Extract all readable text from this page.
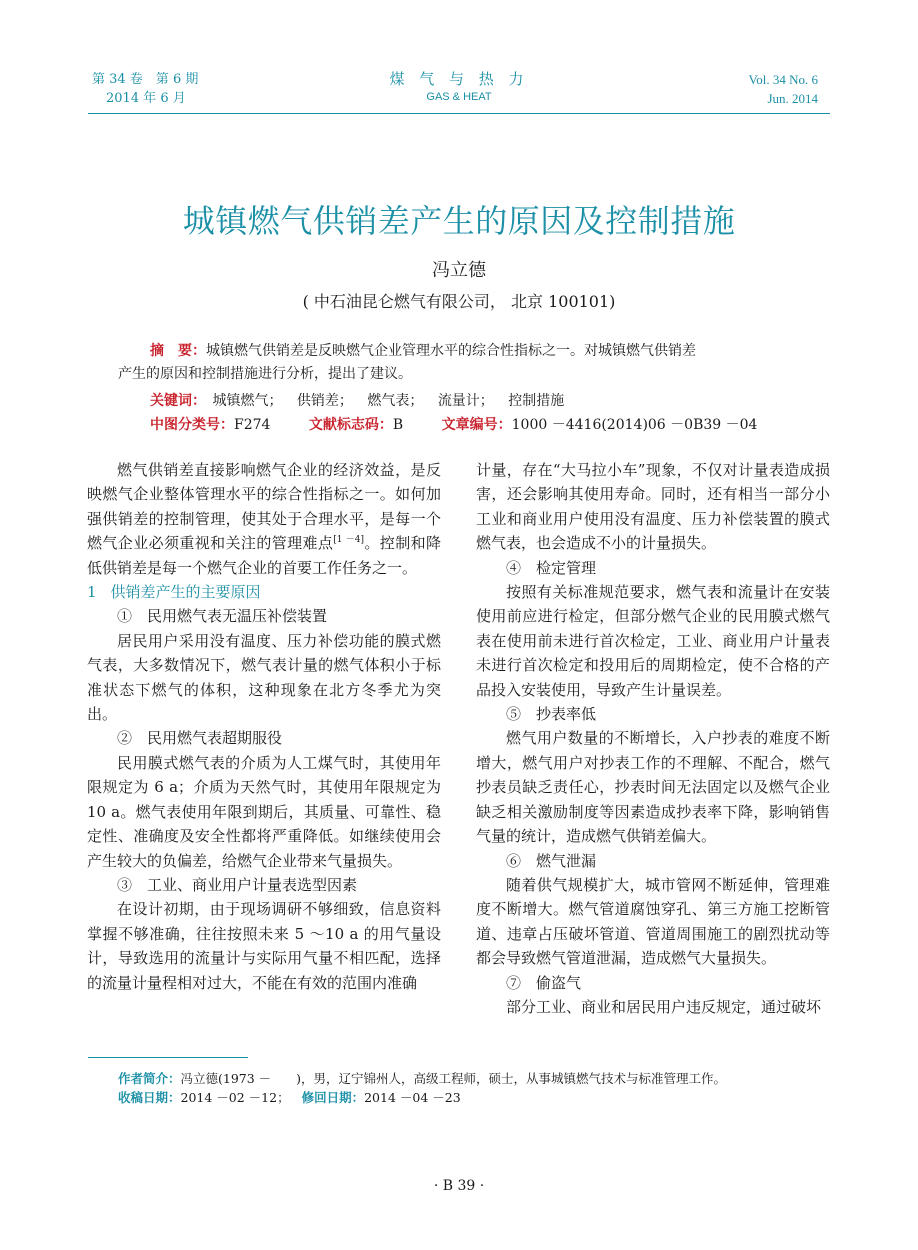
第 34 卷　第 6 期
2014 年 6 月
煤 气 与 热 力
GAS & HEAT
Vol. 34 No. 6
Jun. 2014
城镇燃气供销差产生的原因及控制措施
冯立德
( 中石油昆仑燃气有限公司， 北京 100101)
摘　要：城镇燃气供销差是反映燃气企业管理水平的综合性指标之一。对城镇燃气供销差
产生的原因和控制措施进行分析，提出了建议。
关键词： 城镇燃气； 供销差； 燃气表； 流量计； 控制措施
中图分类号：F274	文献标志码：B	文章编号：1000 －4416(2014)06 －0B39 －04

燃气供销差直接影响燃气企业的经济效益，是反映燃气企业整体管理水平的综合性指标之一。如何加强供销差的控制管理，使其处于合理水平，是每一个燃气企业必须重视和关注的管理难点[1 －4]。控制和降低供销差是每一个燃气企业的首要工作任务之一。

1 供销差产生的主要原因

①　民用燃气表无温压补偿装置

居民用户采用没有温度、压力补偿功能的膜式燃气表，大多数情况下，燃气表计量的燃气体积小于标准状态下燃气的体积，这种现象在北方冬季尤为突出。

②　民用燃气表超期服役

民用膜式燃气表的介质为人工煤气时，其使用年限规定为 6 a；介质为天然气时，其使用年限规定为 10 a。燃气表使用年限到期后，其质量、可靠性、稳定性、准确度及安全性都将严重降低。如继续使用会产生较大的负偏差，给燃气企业带来气量损失。

③　工业、商业用户计量表选型因素

在设计初期，由于现场调研不够细致，信息资料掌握不够准确，往往按照未来 5 ～10 a 的用气量设计，导致选用的流量计与实际用气量不相匹配，选择的流量计量程相对过大，不能在有效的范围内准确

计量，存在“大马拉小车”现象，不仅对计量表造成损害，还会影响其使用寿命。同时，还有相当一部分小工业和商业用户使用没有温度、压力补偿装置的膜式燃气表，也会造成不小的计量损失。

④　检定管理

按照有关标准规范要求，燃气表和流量计在安装使用前应进行检定，但部分燃气企业的民用膜式燃气表在使用前未进行首次检定，工业、商业用户计量表未进行首次检定和投用后的周期检定，使不合格的产品投入安装使用，导致产生计量误差。

⑤　抄表率低

燃气用户数量的不断增长，入户抄表的难度不断增大，燃气用户对抄表工作的不理解、不配合，燃气抄表员缺乏责任心，抄表时间无法固定以及燃气企业缺乏相关激励制度等因素造成抄表率下降，影响销售气量的统计，造成燃气供销差偏大。

⑥　燃气泄漏

随着供气规模扩大，城市管网不断延伸，管理难度不断增大。燃气管道腐蚀穿孔、第三方施工挖断管道、违章占压破坏管道、管道周围施工的剧烈扰动等都会导致燃气管道泄漏，造成燃气大量损失。

⑦　偷盗气

部分工业、商业和居民用户违反规定，通过破坏

作者简介：冯立德(1973 －　　)，男，辽宁锦州人，高级工程师，硕士，从事城镇燃气技术与标准管理工作。
收稿日期：2014 －02 －12； 修回日期：2014 －04 －23
· B 39 ·
